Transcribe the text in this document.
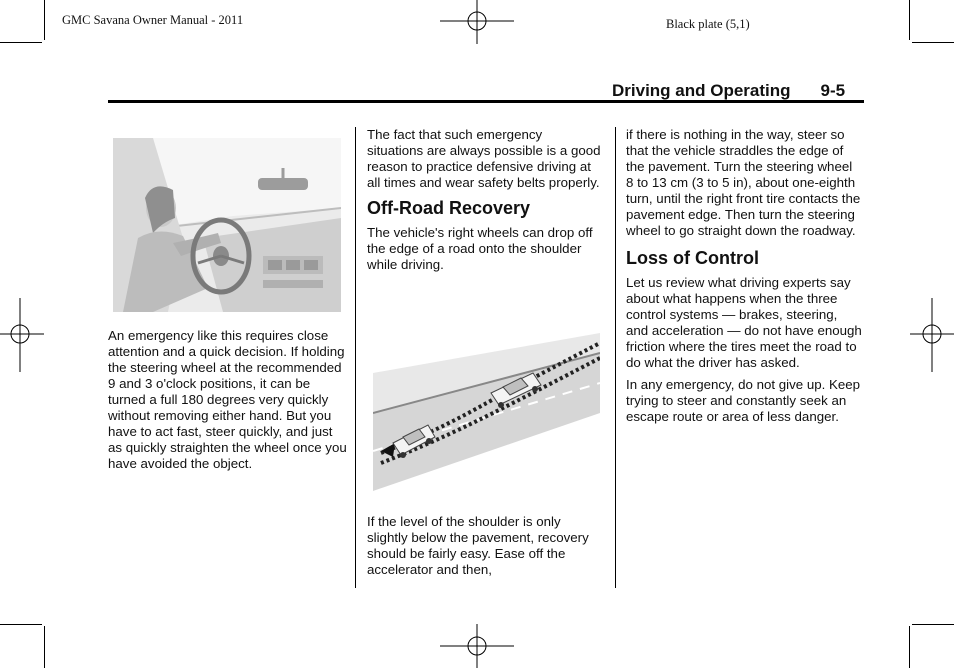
GMC Savana Owner Manual - 2011	Black plate (5,1)
Driving and Operating 9-5

An emergency like this requires close attention and a quick decision. If holding the steering wheel at the recommended 9 and 3 o'clock positions, it can be turned a full 180 degrees very quickly without removing either hand. But you have to act fast, steer quickly, and just as quickly straighten the wheel once you have avoided the object.

The fact that such emergency situations are always possible is a good reason to practice defensive driving at all times and wear safety belts properly.

Off-Road Recovery

The vehicle's right wheels can drop off the edge of a road onto the shoulder while driving.

If the level of the shoulder is only slightly below the pavement, recovery should be fairly easy. Ease off the accelerator and then,

if there is nothing in the way, steer so that the vehicle straddles the edge of the pavement. Turn the steering wheel 8 to 13 cm (3 to 5 in), about one-eighth turn, until the right front tire contacts the pavement edge. Then turn the steering wheel to go straight down the roadway.

Loss of Control

Let us review what driving experts say about what happens when the three control systems — brakes, steering, and acceleration — do not have enough friction where the tires meet the road to do what the driver has asked.

In any emergency, do not give up. Keep trying to steer and constantly seek an escape route or area of less danger.
